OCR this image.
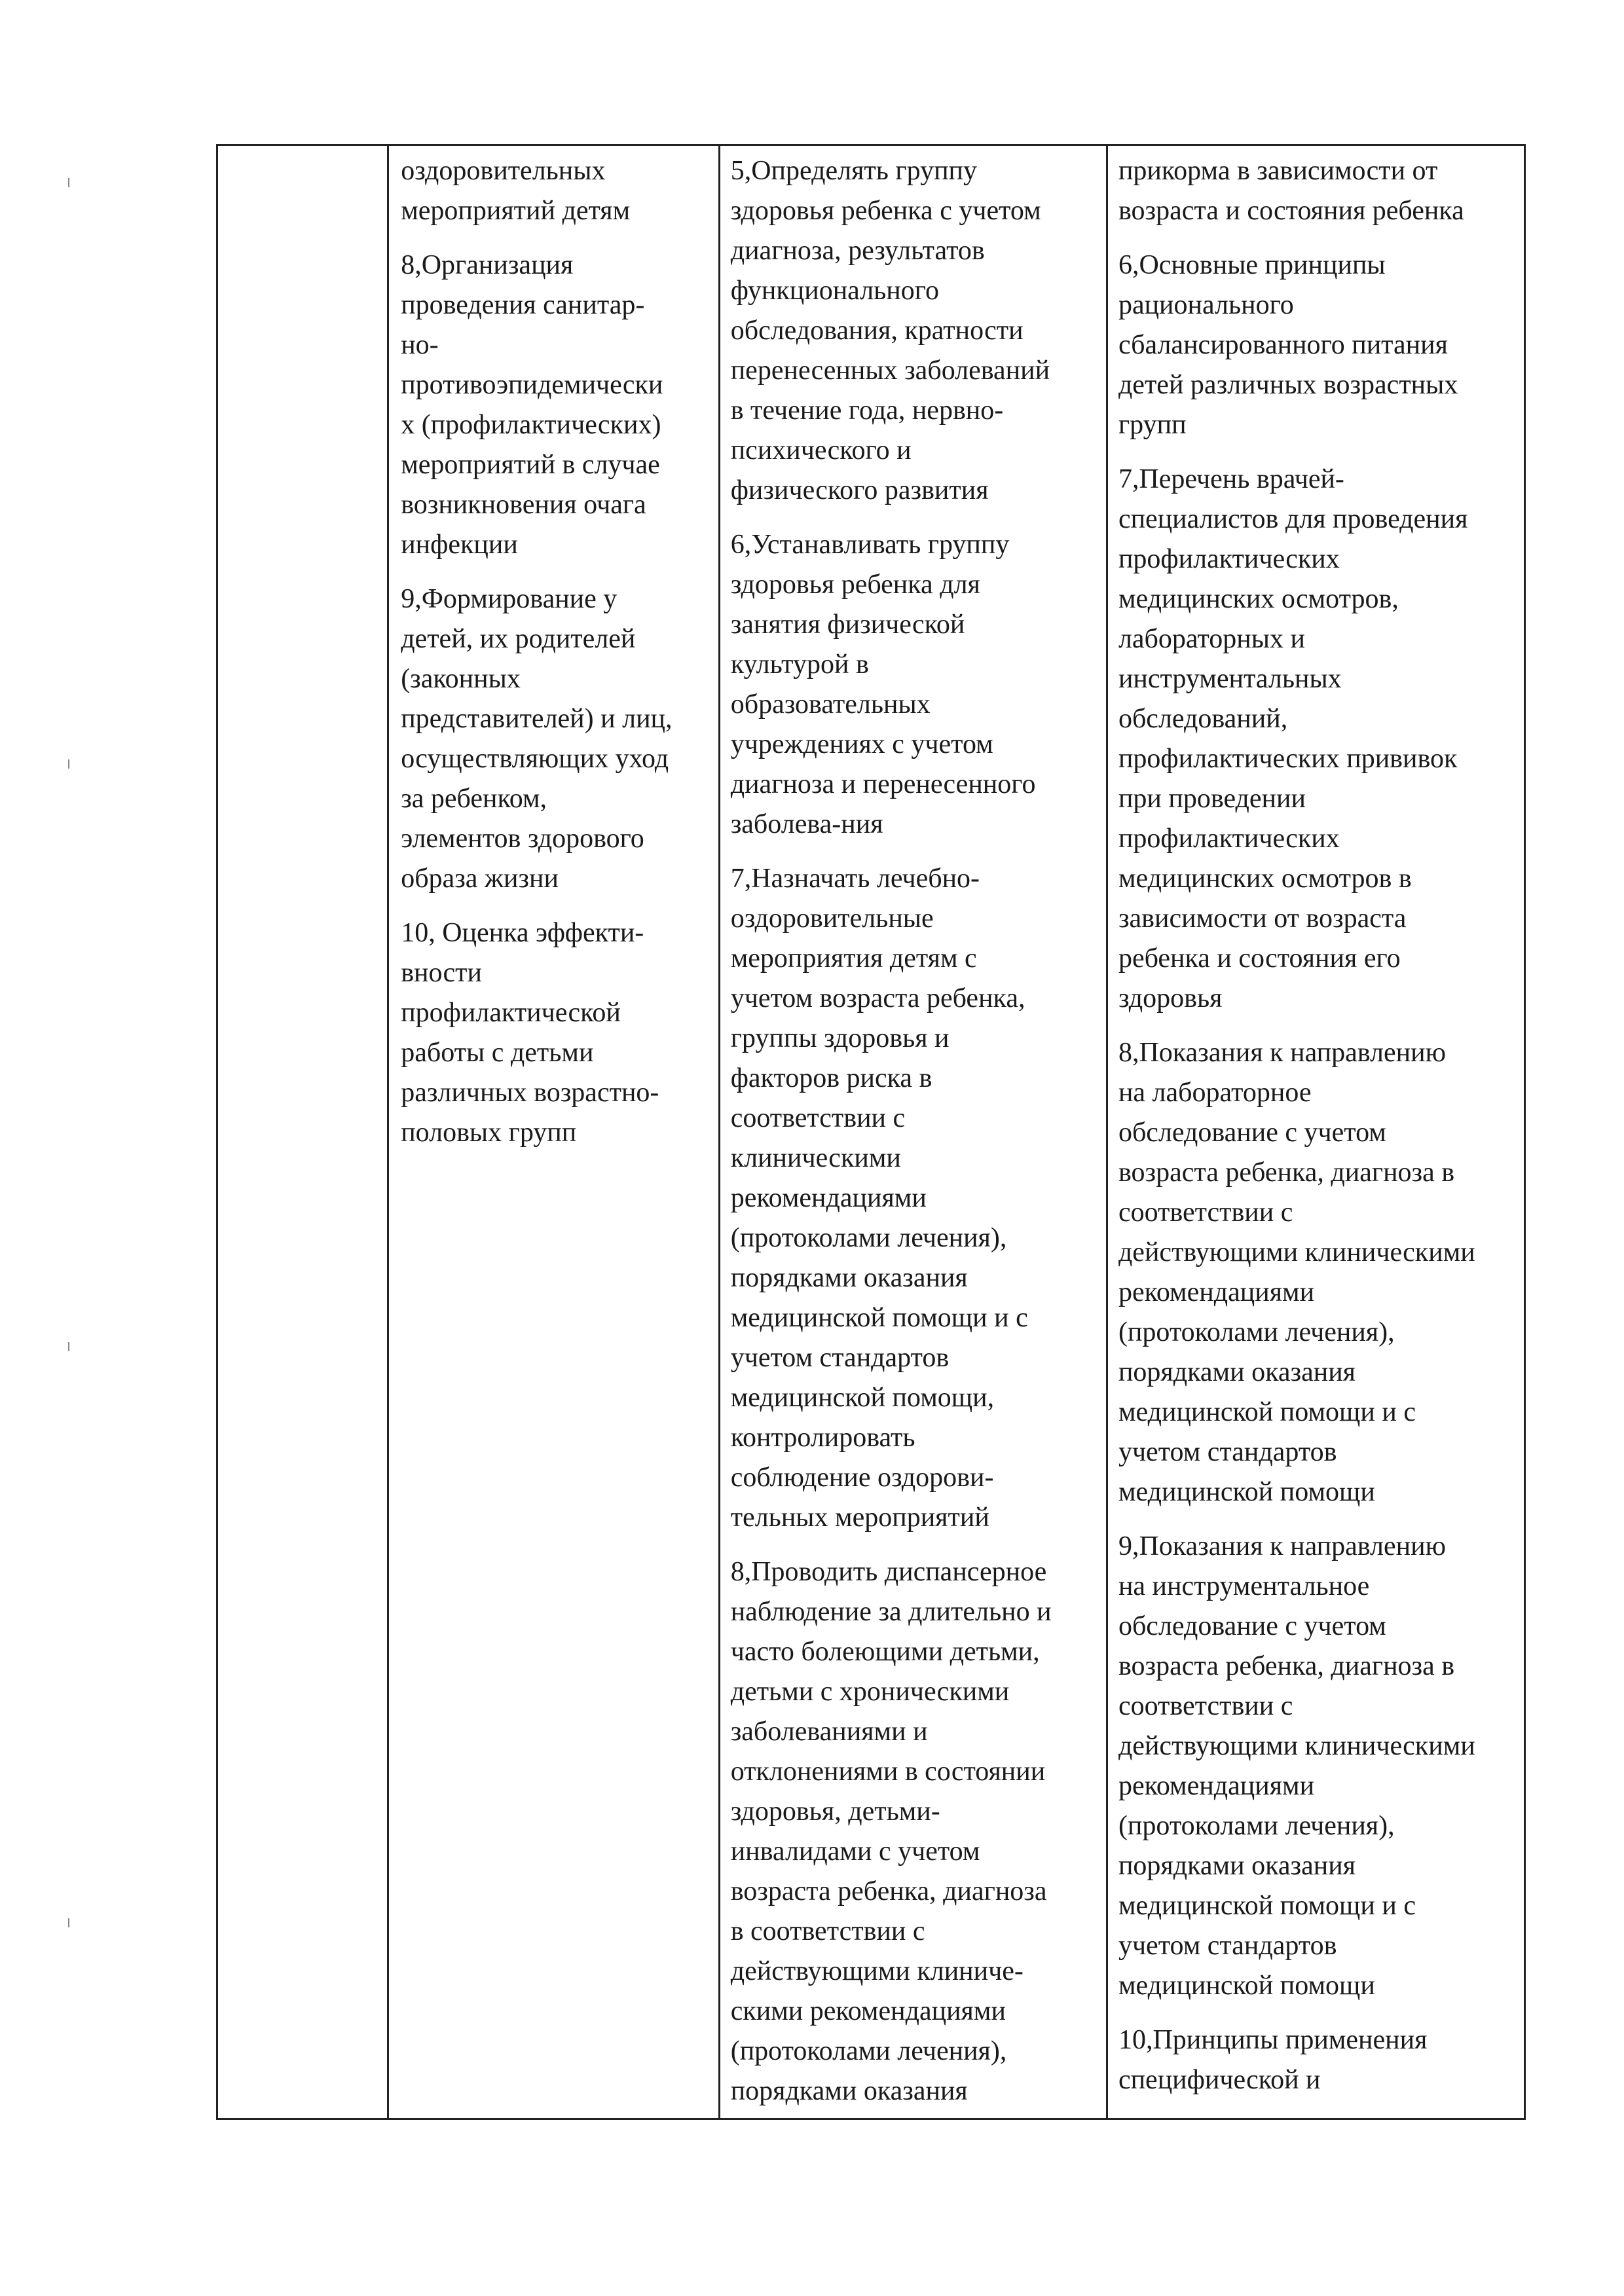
оздоровительных
мероприятий детям

8,Организация
проведения санитар-
но-
противоэпидемически
х (профилактических)
мероприятий в случае
возникновения очага
инфекции

9,Формирование у
детей, их родителей
(законных
представителей) и лиц,
осуществляющих уход
за ребенком,
элементов здорового
образа жизни

10, Оценка эффекти-
вности
профилактической
работы с детьми
различных возрастно-
половых групп

5,Определять группу
здоровья ребенка с учетом
диагноза, результатов
функционального
обследования, кратности
перенесенных заболеваний
в течение года, нервно-
психического и
физического развития

6,Устанавливать группу
здоровья ребенка для
занятия физической
культурой в
образовательных
учреждениях с учетом
диагноза и перенесенного
заболева-ния

7,Назначать лечебно-
оздоровительные
мероприятия детям с
учетом возраста ребенка,
группы здоровья и
факторов риска в
соответствии с
клиническими
рекомендациями
(протоколами лечения),
порядками оказания
медицинской помощи и с
учетом стандартов
медицинской помощи,
контролировать
соблюдение оздорови-
тельных мероприятий

8,Проводить диспансерное
наблюдение за длительно и
часто болеющими детьми,
детьми с хроническими
заболеваниями и
отклонениями в состоянии
здоровья, детьми-
инвалидами с учетом
возраста ребенка, диагноза
в соответствии с
действующими клиниче-
скими рекомендациями
(протоколами лечения),
порядками оказания

прикорма в зависимости от
возраста и состояния ребенка

6,Основные принципы
рационального
сбалансированного питания
детей различных возрастных
групп

7,Перечень врачей-
специалистов для проведения
профилактических
медицинских осмотров,
лабораторных и
инструментальных
обследований,
профилактических прививок
при проведении
профилактических
медицинских осмотров в
зависимости от возраста
ребенка и состояния его
здоровья

8,Показания к направлению
на лабораторное
обследование с учетом
возраста ребенка, диагноза в
соответствии с
действующими клиническими
рекомендациями
(протоколами лечения),
порядками оказания
медицинской помощи и с
учетом стандартов
медицинской помощи

9,Показания к направлению
на инструментальное
обследование с учетом
возраста ребенка, диагноза в
соответствии с
действующими клиническими
рекомендациями
(протоколами лечения),
порядками оказания
медицинской помощи и с
учетом стандартов
медицинской помощи

10,Принципы применения
специфической и
